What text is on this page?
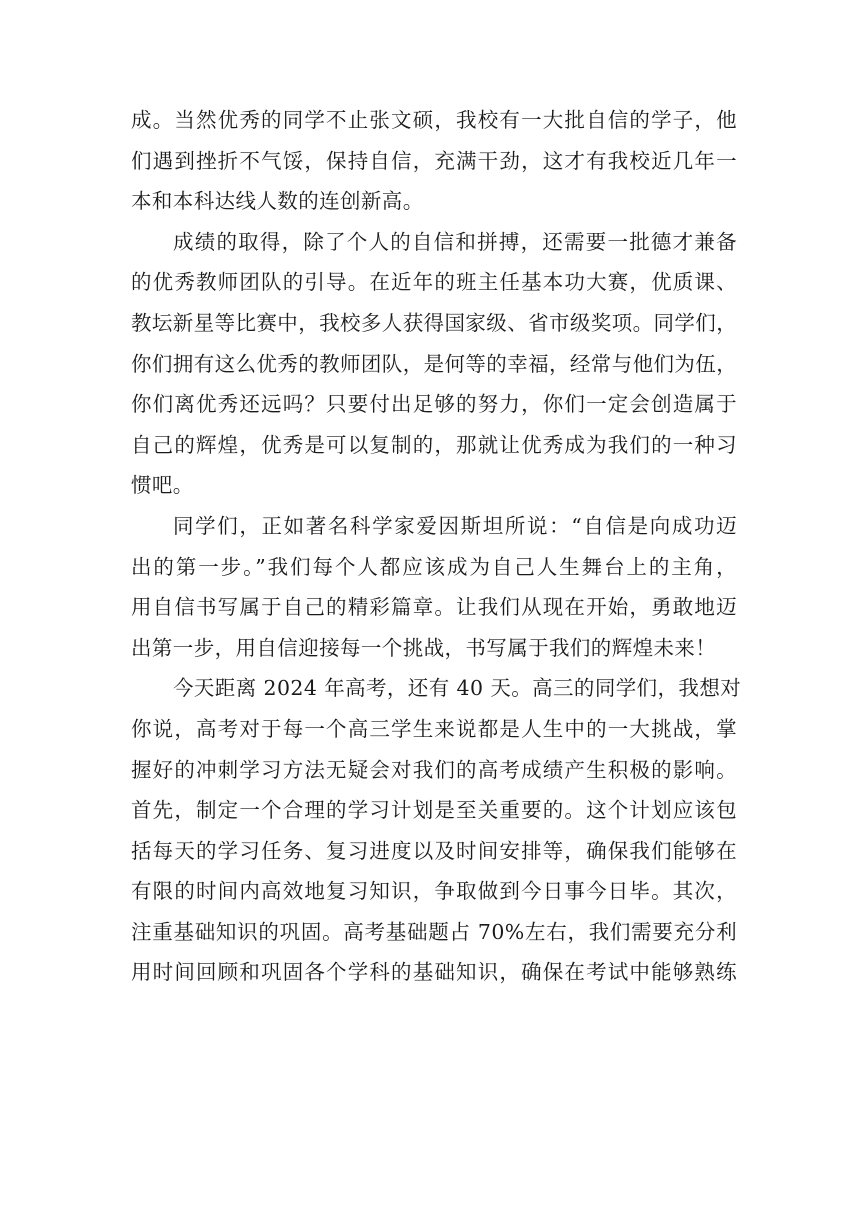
成。当然优秀的同学不止张文硕，我校有一大批自信的学子，他
们遇到挫折不气馁，保持自信，充满干劲，这才有我校近几年一
本和本科达线人数的连创新高。
成绩的取得，除了个人的自信和拼搏，还需要一批德才兼备
的优秀教师团队的引导。在近年的班主任基本功大赛，优质课、
教坛新星等比赛中，我校多人获得国家级、省市级奖项。同学们，
你们拥有这么优秀的教师团队，是何等的幸福，经常与他们为伍，
你们离优秀还远吗？只要付出足够的努力，你们一定会创造属于
自己的辉煌，优秀是可以复制的，那就让优秀成为我们的一种习
惯吧。
同学们，正如著名科学家爱因斯坦所说：“自信是向成功迈
出的第一步。”我们每个人都应该成为自己人生舞台上的主角，
用自信书写属于自己的精彩篇章。让我们从现在开始，勇敢地迈
出第一步，用自信迎接每一个挑战，书写属于我们的辉煌未来！
今天距离 2024 年高考，还有 40 天。高三的同学们，我想对
你说，高考对于每一个高三学生来说都是人生中的一大挑战，掌
握好的冲刺学习方法无疑会对我们的高考成绩产生积极的影响。
首先，制定一个合理的学习计划是至关重要的。这个计划应该包
括每天的学习任务、复习进度以及时间安排等，确保我们能够在
有限的时间内高效地复习知识，争取做到今日事今日毕。其次，
注重基础知识的巩固。高考基础题占 70%左右，我们需要充分利
用时间回顾和巩固各个学科的基础知识，确保在考试中能够熟练
